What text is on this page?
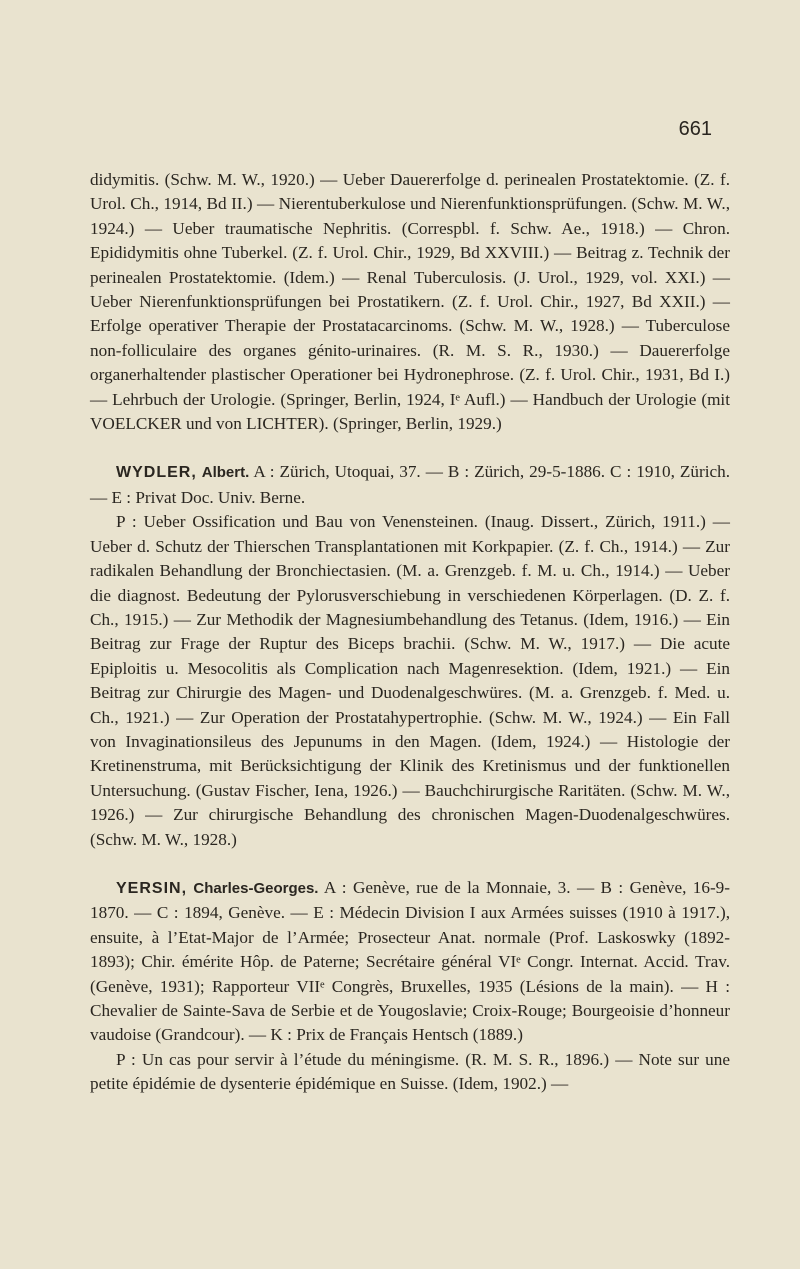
661

didymitis. (Schw. M. W., 1920.) — Ueber Dauererfolge d. perinealen Prostatektomie. (Z. f. Urol. Ch., 1914, Bd II.) — Nierentuberkulose und Nierenfunktionsprüfungen. (Schw. M. W., 1924.) — Ueber traumatische Nephritis. (Correspbl. f. Schw. Ae., 1918.) — Chron. Epididymitis ohne Tuberkel. (Z. f. Urol. Chir., 1929, Bd XXVIII.) — Beitrag z. Technik der perinealen Prostatektomie. (Idem.) — Renal Tuberculosis. (J. Urol., 1929, vol. XXI.) — Ueber Nierenfunktionsprüfungen bei Prostatikern. (Z. f. Urol. Chir., 1927, Bd XXII.) — Erfolge operativer Therapie der Prostatacarcinoms. (Schw. M. W., 1928.) — Tuberculose non-folliculaire des organes génito-urinaires. (R. M. S. R., 1930.) — Dauererfolge organerhaltender plastischer Operationer bei Hydronephrose. (Z. f. Urol. Chir., 1931, Bd I.) — Lehrbuch der Urologie. (Springer, Berlin, 1924, Iᵉ Aufl.) — Handbuch der Urologie (mit VOELCKER und von LICHTER). (Springer, Berlin, 1929.)

WYDLER, Albert. A : Zürich, Utoquai, 37. — B : Zürich, 29-5-1886. C : 1910, Zürich. — E : Privat Doc. Univ. Berne.

P : Ueber Ossification und Bau von Venensteinen. (Inaug. Dissert., Zürich, 1911.) — Ueber d. Schutz der Thierschen Transplantationen mit Korkpapier. (Z. f. Ch., 1914.) — Zur radikalen Behandlung der Bronchiectasien. (M. a. Grenzgeb. f. M. u. Ch., 1914.) — Ueber die diagnost. Bedeutung der Pylorusverschiebung in verschiedenen Körperlagen. (D. Z. f. Ch., 1915.) — Zur Methodik der Magnesiumbehandlung des Tetanus. (Idem, 1916.) — Ein Beitrag zur Frage der Ruptur des Biceps brachii. (Schw. M. W., 1917.) — Die acute Epiploitis u. Mesocolitis als Complication nach Magenresektion. (Idem, 1921.) — Ein Beitrag zur Chirurgie des Magen- und Duodenalgeschwüres. (M. a. Grenzgeb. f. Med. u. Ch., 1921.) — Zur Operation der Prostatahypertrophie. (Schw. M. W., 1924.) — Ein Fall von Invaginationsileus des Jepunums in den Magen. (Idem, 1924.) — Histologie der Kretinenstruma, mit Berücksichtigung der Klinik des Kretinismus und der funktionellen Untersuchung. (Gustav Fischer, Iena, 1926.) — Bauchchirurgische Raritäten. (Schw. M. W., 1926.) — Zur chirurgische Behandlung des chronischen Magen-Duodenalgeschwüres. (Schw. M. W., 1928.)

YERSIN, Charles-Georges. A : Genève, rue de la Monnaie, 3. — B : Genève, 16-9-1870. — C : 1894, Genève. — E : Médecin Division I aux Armées suisses (1910 à 1917.), ensuite, à l’Etat-Major de l’Armée; Prosecteur Anat. normale (Prof. Laskoswky (1892-1893); Chir. émérite Hôp. de Paterne; Secrétaire général VIᵉ Congr. Internat. Accid. Trav. (Genève, 1931); Rapporteur VIIᵉ Congrès, Bruxelles, 1935 (Lésions de la main). — H : Chevalier de Sainte-Sava de Serbie et de Yougoslavie; Croix-Rouge; Bourgeoisie d’honneur vaudoise (Grandcour). — K : Prix de Français Hentsch (1889.)

P : Un cas pour servir à l’étude du méningisme. (R. M. S. R., 1896.) — Note sur une petite épidémie de dysenterie épidémique en Suisse. (Idem, 1902.) —
